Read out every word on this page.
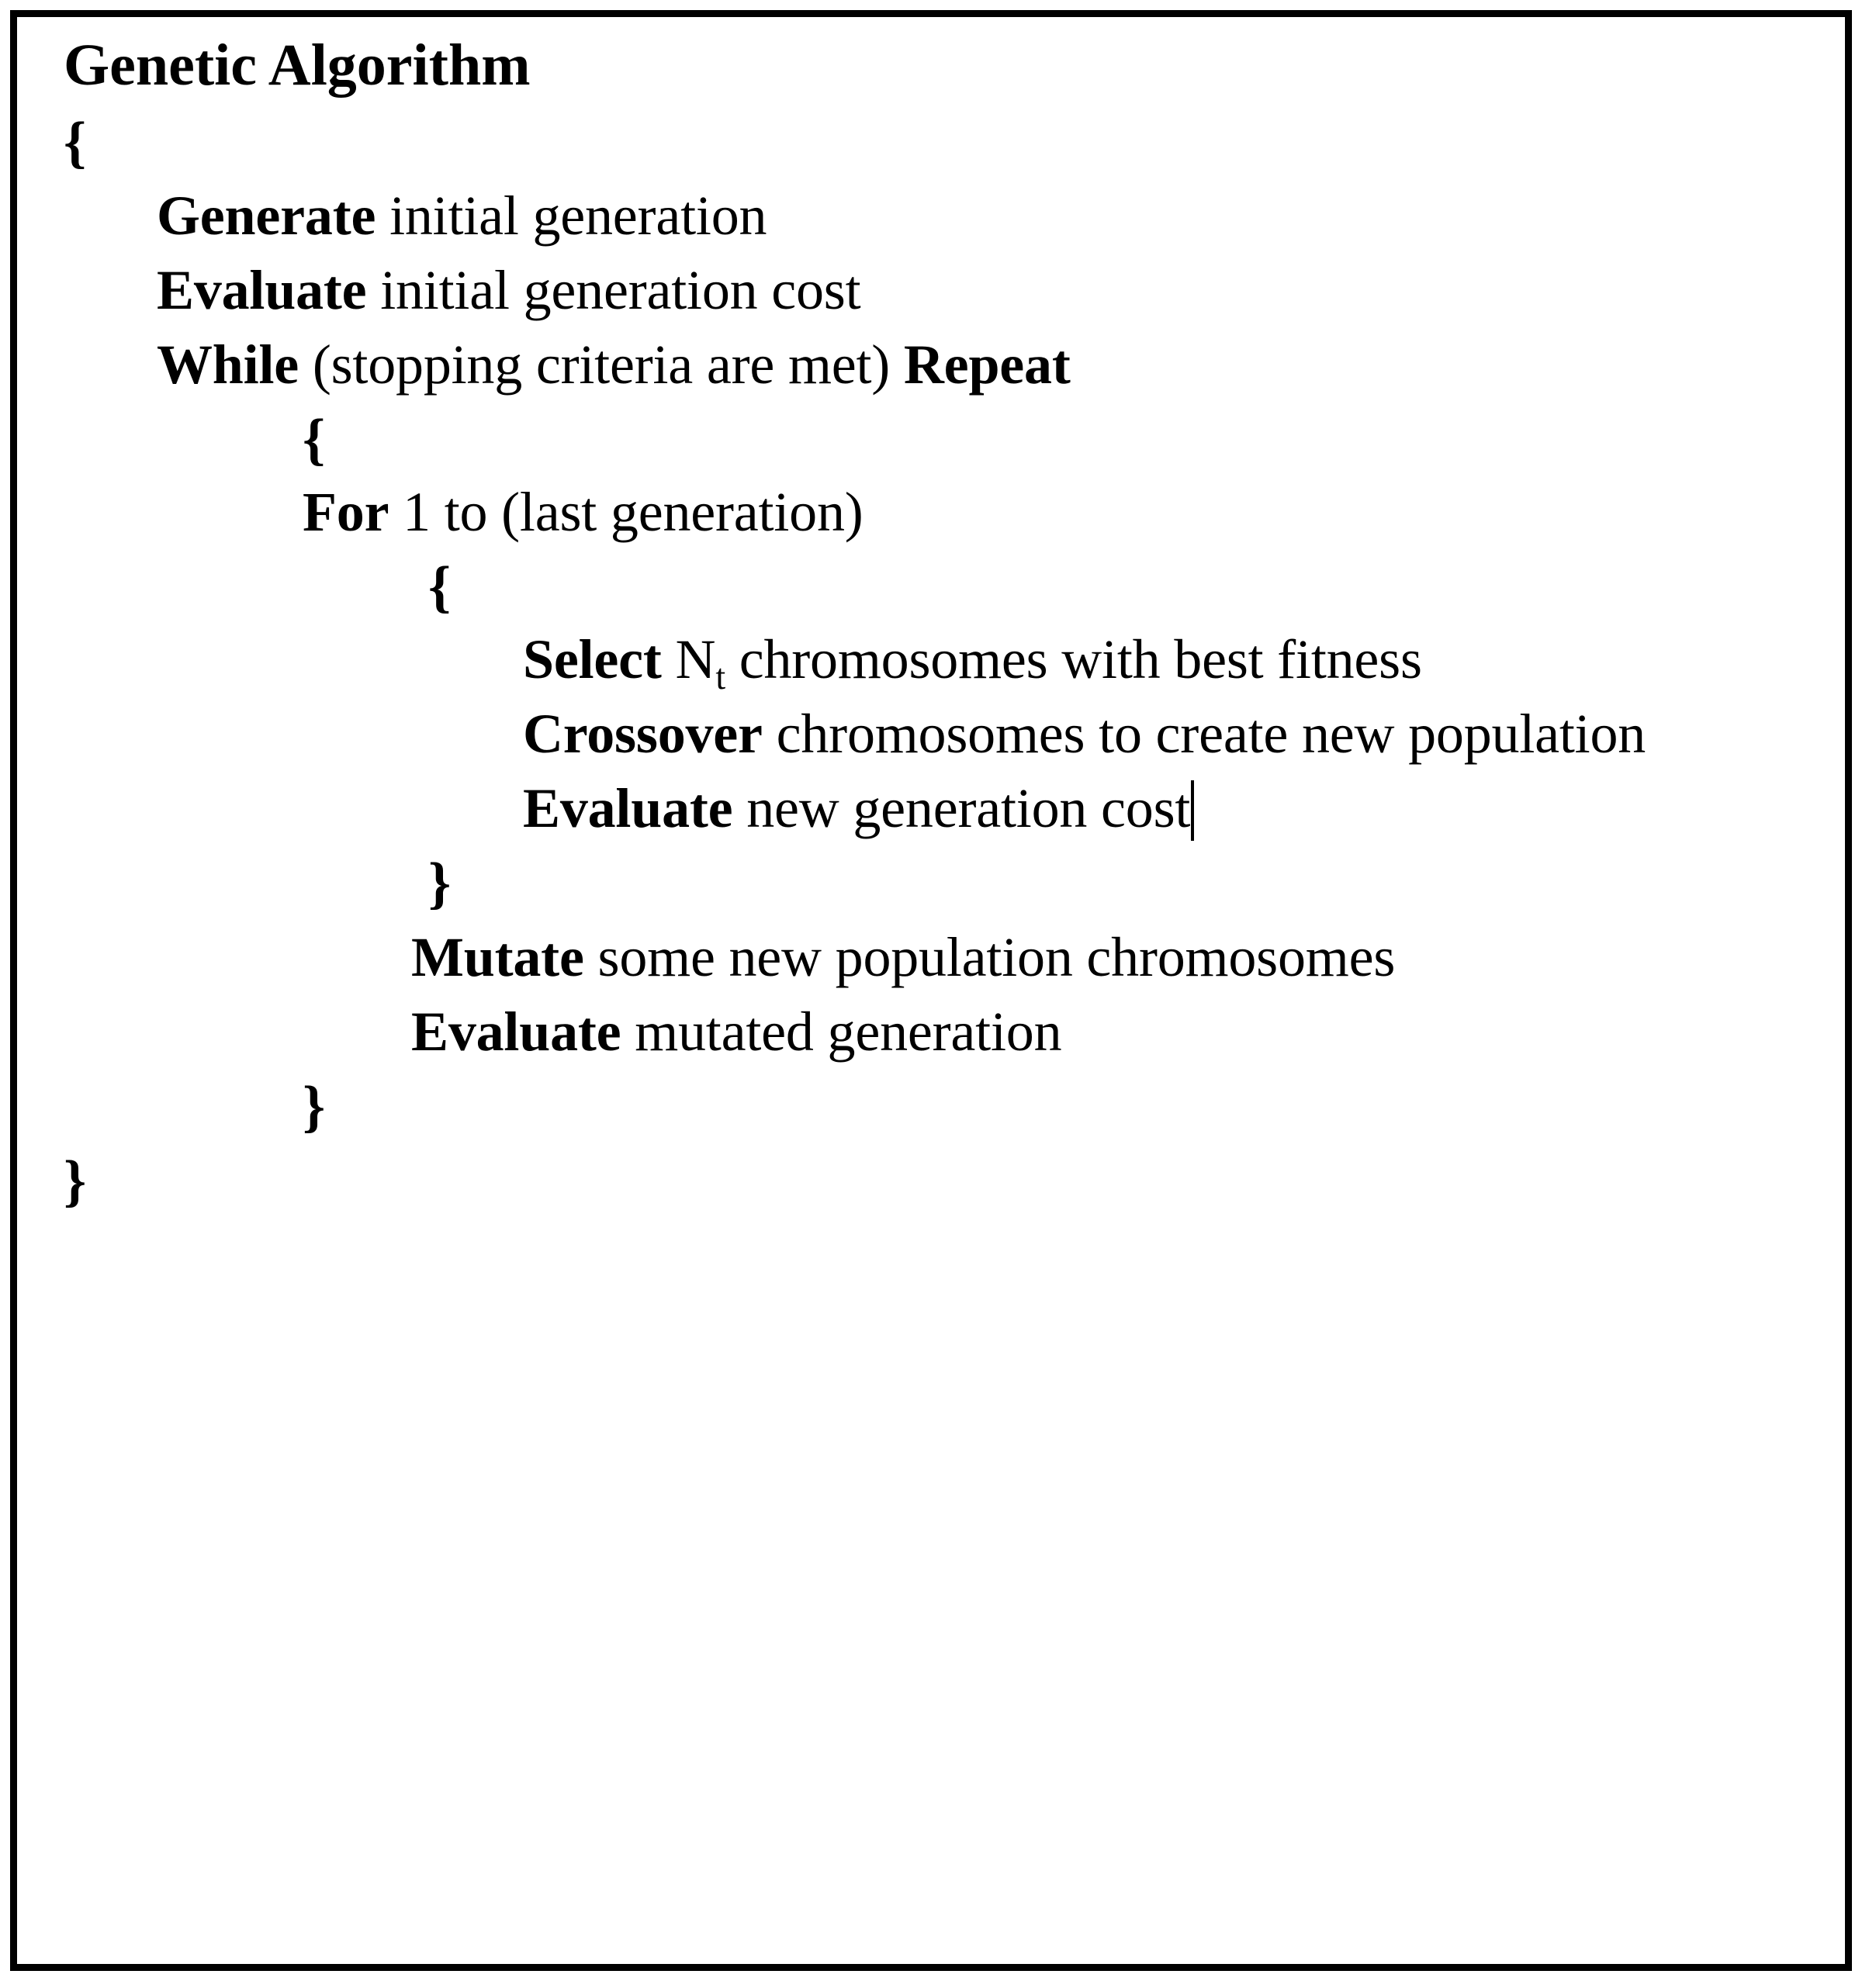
Genetic Algorithm
{
Generate initial generation
Evaluate initial generation cost
While (stopping criteria are met) Repeat
{
For 1 to (last generation)
{
Select $N_t$ chromosomes with best fitness
Crossover chromosomes to create new population
Evaluate new generation cost
}
Mutate some new population chromosomes
Evaluate mutated generation
}
}
